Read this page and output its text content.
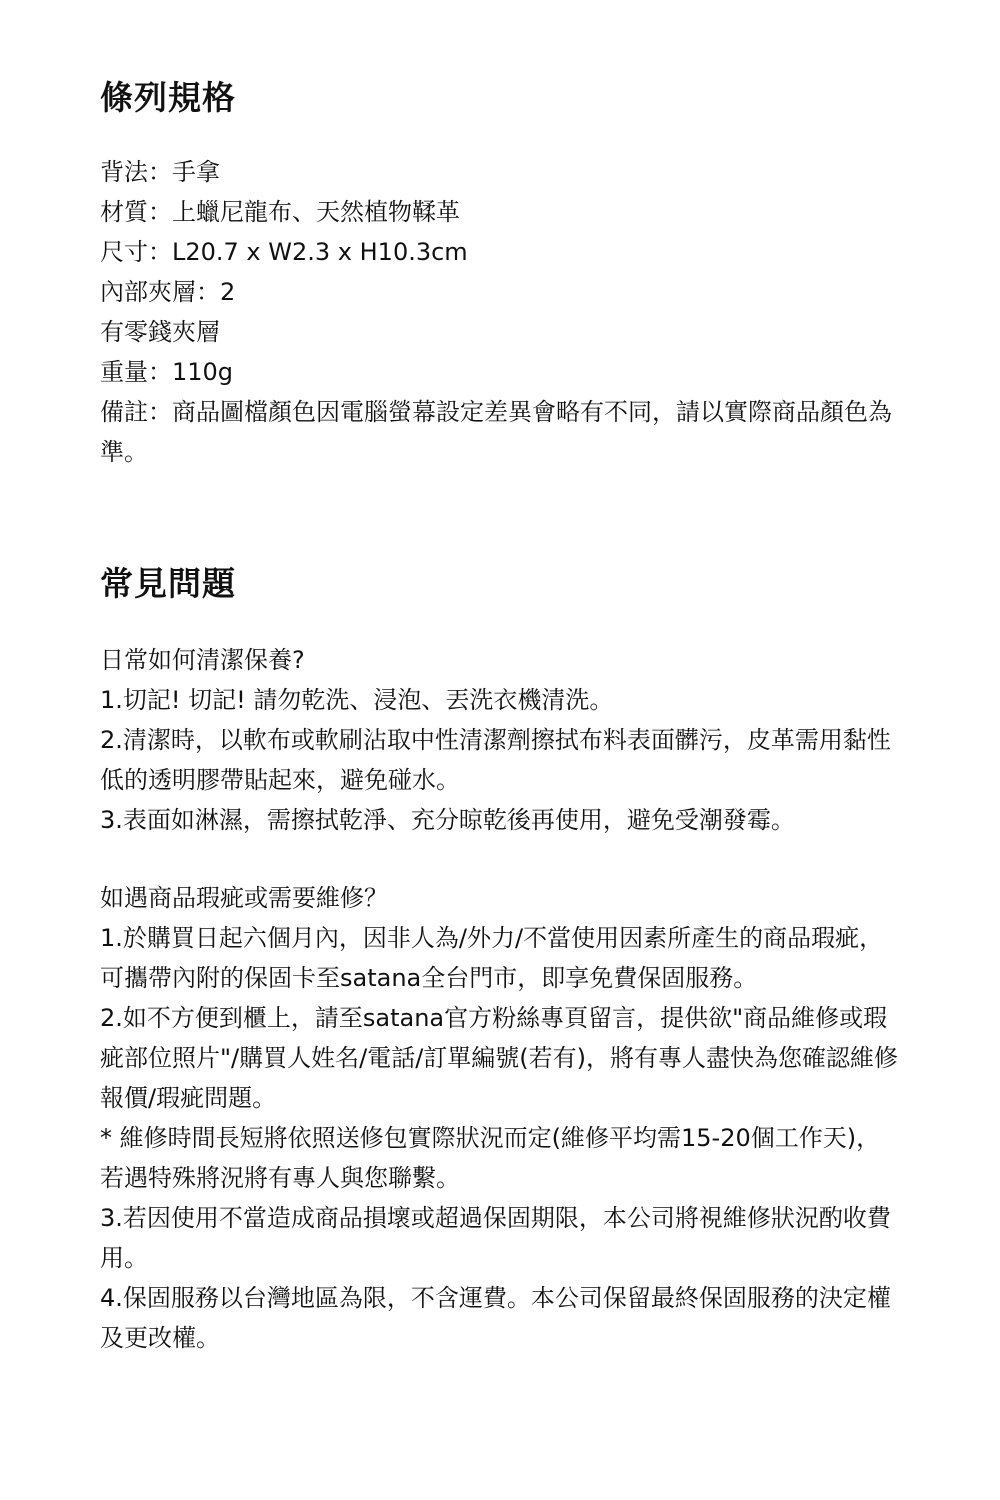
條列規格
背法：手拿
材質：上蠟尼龍布、天然植物鞣革
尺寸：L20.7 x W2.3 x H10.3cm
內部夾層：2
有零錢夾層
重量：110g
備註：商品圖檔顏色因電腦螢幕設定差異會略有不同，請以實際商品顏色為準。
常見問題

日常如何清潔保養?

1.切記! 切記! 請勿乾洗、浸泡、丟洗衣機清洗。

2.清潔時，以軟布或軟刷沾取中性清潔劑擦拭布料表面髒污，皮革需用黏性低的透明膠帶貼起來，避免碰水。

3.表面如淋濕，需擦拭乾淨、充分晾乾後再使用，避免受潮發霉。

如遇商品瑕疵或需要維修？

1.於購買日起六個月內，因非人為/外力/不當使用因素所產生的商品瑕疵，可攜帶內附的保固卡至satana全台門市，即享免費保固服務。

2.如不方便到櫃上，請至satana官方粉絲專頁留言，提供欲"商品維修或瑕疵部位照片"/購買人姓名/電話/訂單編號(若有)，將有專人盡快為您確認維修報價/瑕疵問題。

* 維修時間長短將依照送修包實際狀況而定(維修平均需15-20個工作天)，若遇特殊將況將有專人與您聯繫。

3.若因使用不當造成商品損壞或超過保固期限，本公司將視維修狀況酌收費用。

4.保固服務以台灣地區為限，不含運費。本公司保留最終保固服務的決定權及更改權。
